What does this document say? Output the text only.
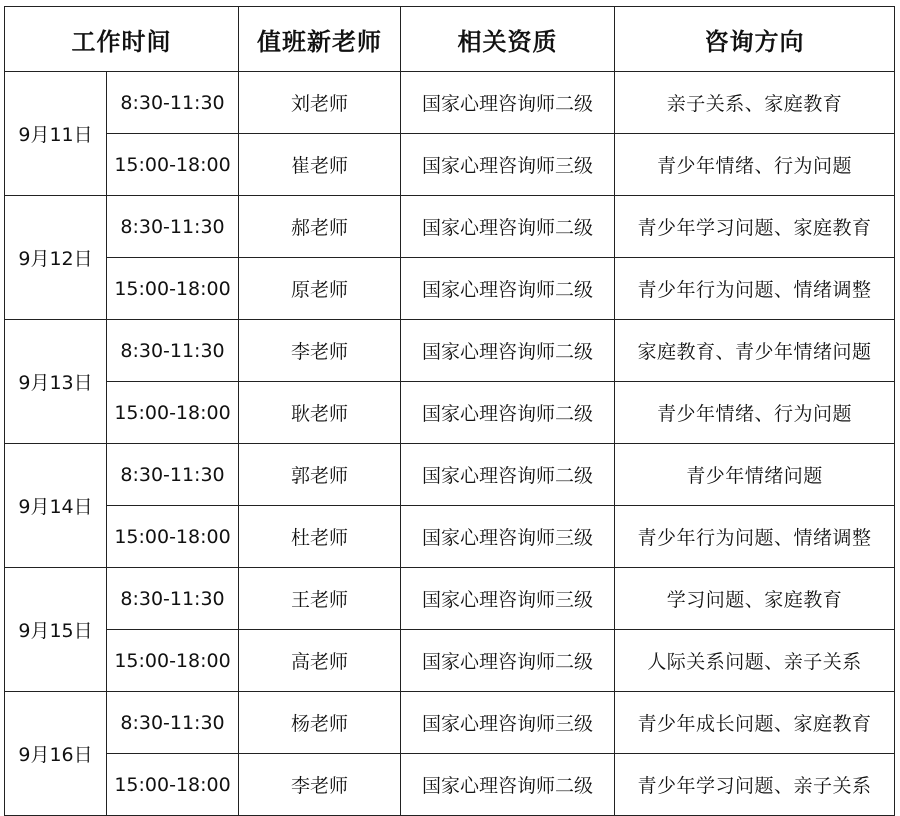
工作时间		值班新老师	相关资质	咨询方向
9月11日	8:30-11:30	刘老师	国家心理咨询师二级	亲子关系、家庭教育
	15:00-18:00	崔老师	国家心理咨询师三级	青少年情绪、行为问题
9月12日	8:30-11:30	郝老师	国家心理咨询师二级	青少年学习问题、家庭教育
	15:00-18:00	原老师	国家心理咨询师二级	青少年行为问题、情绪调整
9月13日	8:30-11:30	李老师	国家心理咨询师二级	家庭教育、青少年情绪问题
	15:00-18:00	耿老师	国家心理咨询师二级	青少年情绪、行为问题
9月14日	8:30-11:30	郭老师	国家心理咨询师二级	青少年情绪问题
	15:00-18:00	杜老师	国家心理咨询师三级	青少年行为问题、情绪调整
9月15日	8:30-11:30	王老师	国家心理咨询师三级	学习问题、家庭教育
	15:00-18:00	高老师	国家心理咨询师二级	人际关系问题、亲子关系
9月16日	8:30-11:30	杨老师	国家心理咨询师三级	青少年成长问题、家庭教育
	15:00-18:00	李老师	国家心理咨询师二级	青少年学习问题、亲子关系
